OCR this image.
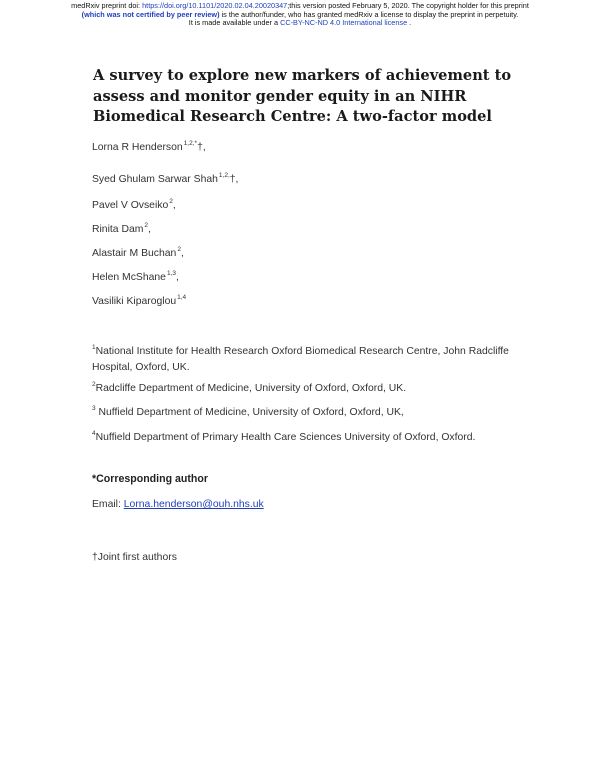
medRxiv preprint doi: https://doi.org/10.1101/2020.02.04.20020347;this version posted February 5, 2020. The copyright holder for this preprint
(which was not certified by peer review) is the author/funder, who has granted medRxiv a license to display the preprint in perpetuity.
It is made available under a CC-BY-NC-ND 4.0 International license .
A survey to explore new markers of achievement to assess and monitor gender equity in an NIHR Biomedical Research Centre: A two-factor model
Lorna R Henderson$^{1,2,*}$†,
Syed Ghulam Sarwar Shah$^{1,2,}$†,
Pavel V Ovseiko$^2$,
Rinita Dam$^2$,
Alastair M Buchan$^2$,
Helen McShane$^{1,3}$,
Vasiliki Kiparoglou$^{1,4}$
$^1$National Institute for Health Research Oxford Biomedical Research Centre, John Radcliffe Hospital, Oxford, UK.
$^2$Radcliffe Department of Medicine, University of Oxford, Oxford, UK.
$^3$ Nuffield Department of Medicine, University of Oxford, Oxford, UK,
$^4$Nuffield Department of Primary Health Care Sciences University of Oxford, Oxford.
*Corresponding author
Email: Lorna.henderson@ouh.nhs.uk
†Joint first authors
